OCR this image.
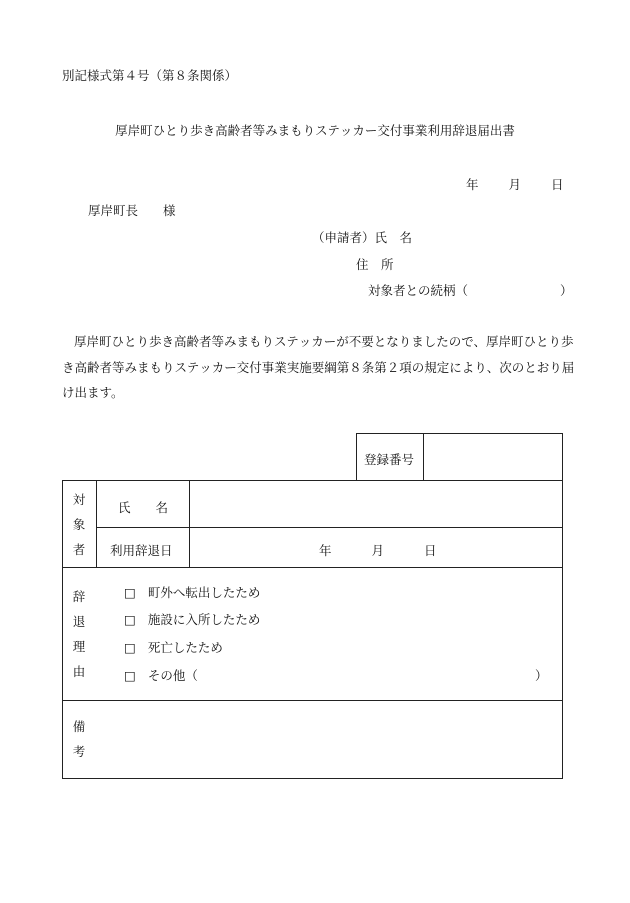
別記様式第４号（第８条関係）
厚岸町ひとり歩き高齢者等みまもりステッカー交付事業利用辞退届出書
年 月 日
厚岸町長　　様
（申請者）氏　名
住　所
対象者との続柄（	）
厚岸町ひとり歩き高齢者等みまもりステッカーが不要となりましたので、厚岸町ひとり歩き高齢者等みまもりステッカー交付事業実施要綱第８条第２項の規定により、次のとおり届け出ます。
登録番号
対
象
者
氏　　名
利用辞退日	年	月	日
辞
退
理
由
□ 町外へ転出したため
□ 施設に入所したため
□ 死亡したため
□ その他（	）
備
考
